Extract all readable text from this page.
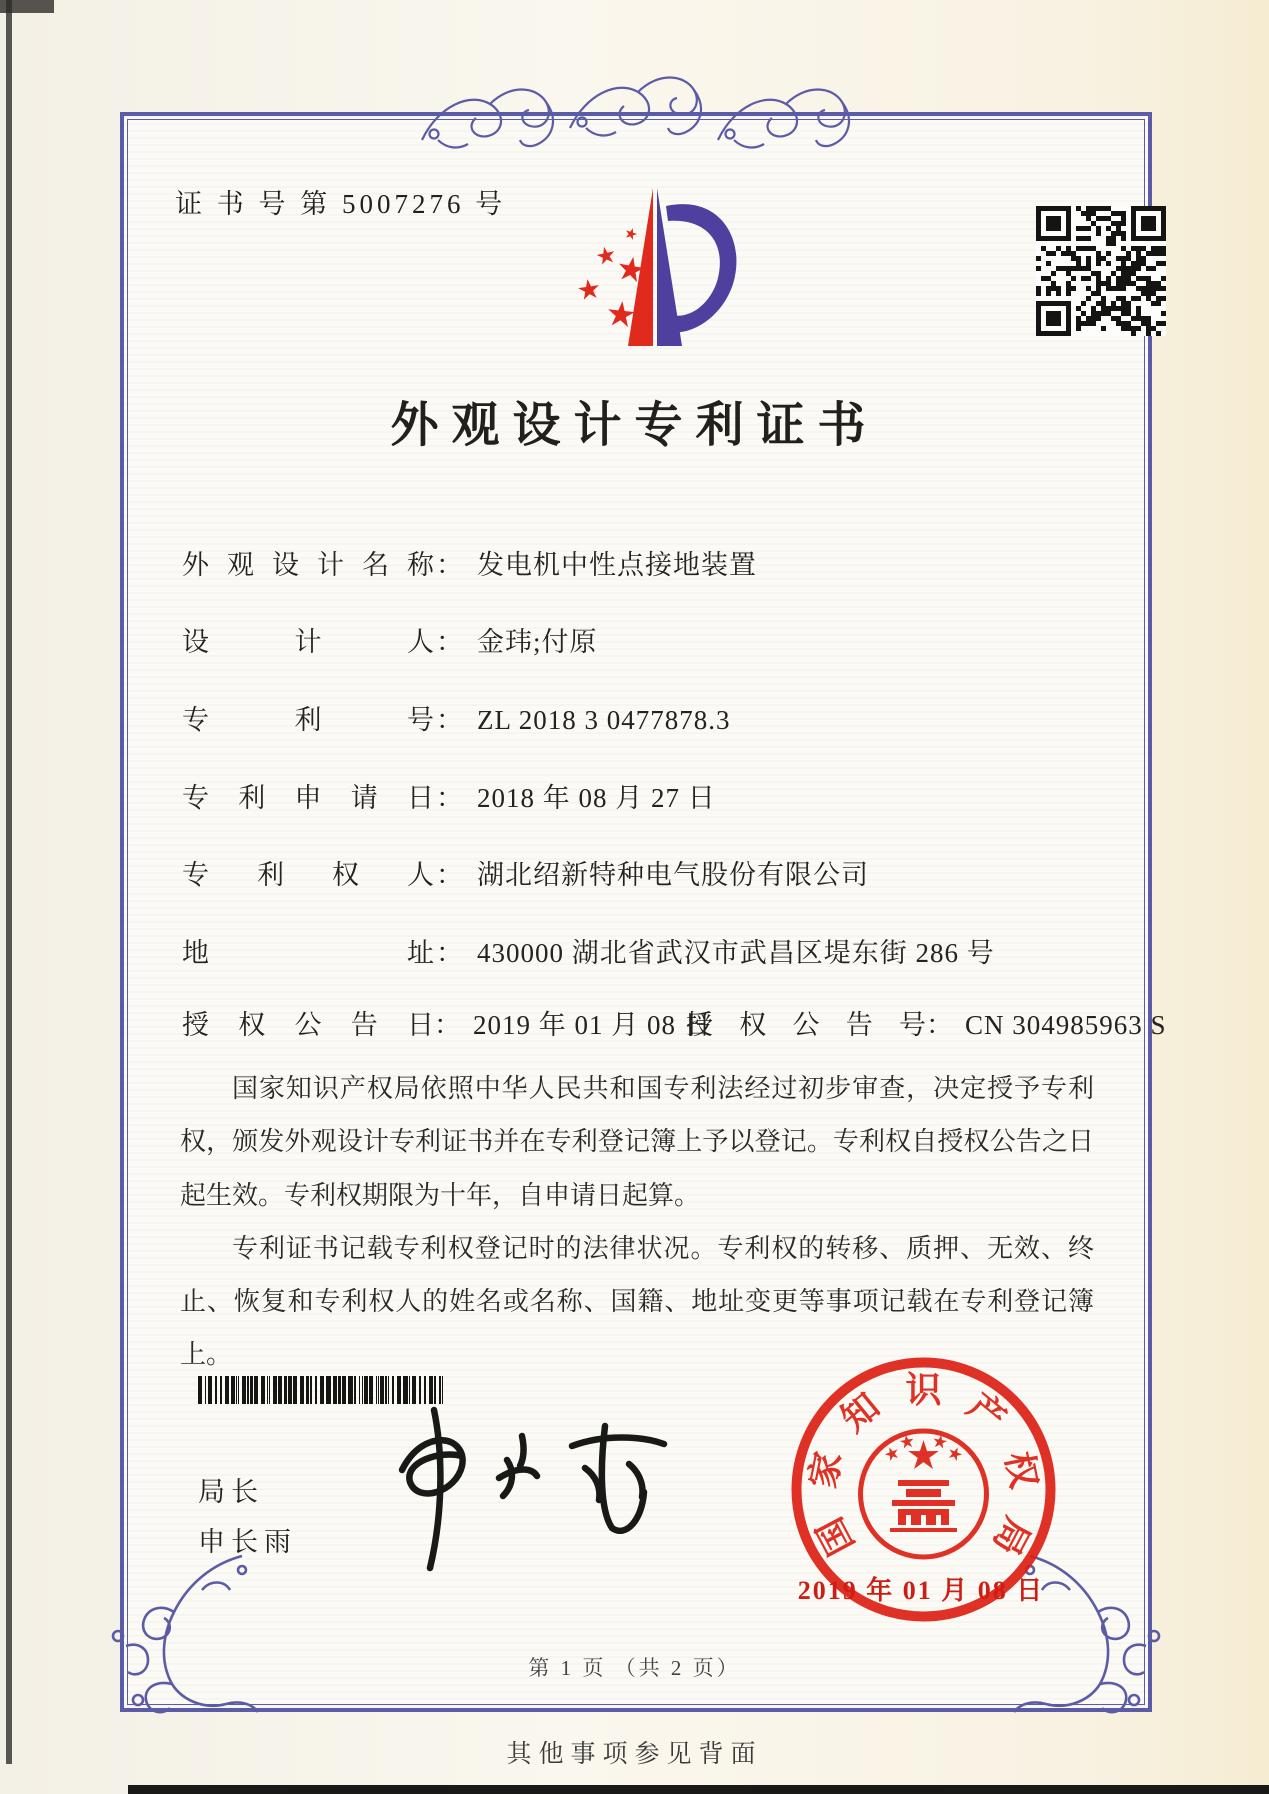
证 书 号 第 5007276 号
外观设计专利证书
外观设计名称： 发电机中性点接地装置
设计人： 金玮;付原
专利号： ZL 2018 3 0477878.3
专利申请日： 2018 年 08 月 27 日
专利权人： 湖北绍新特种电气股份有限公司
地址： 430000 湖北省武汉市武昌区堤东街 286 号
授权公告日： 2019 年 01 月 08 日
授权公告号： CN 304985963 S

国家知识产权局依照中华人民共和国专利法经过初步审查，决定授予专利权，颁发外观设计专利证书并在专利登记簿上予以登记。专利权自授权公告之日起生效。专利权期限为十年，自申请日起算。

专利证书记载专利权登记时的法律状况。专利权的转移、质押、无效、终止、恢复和专利权人的姓名或名称、国籍、地址变更等事项记载在专利登记簿上。

局长
申长雨	国
家
知 识 产
权
局
2019 年 01 月 08 日
第 1 页 （共 2 页）
其他事项参见背面
